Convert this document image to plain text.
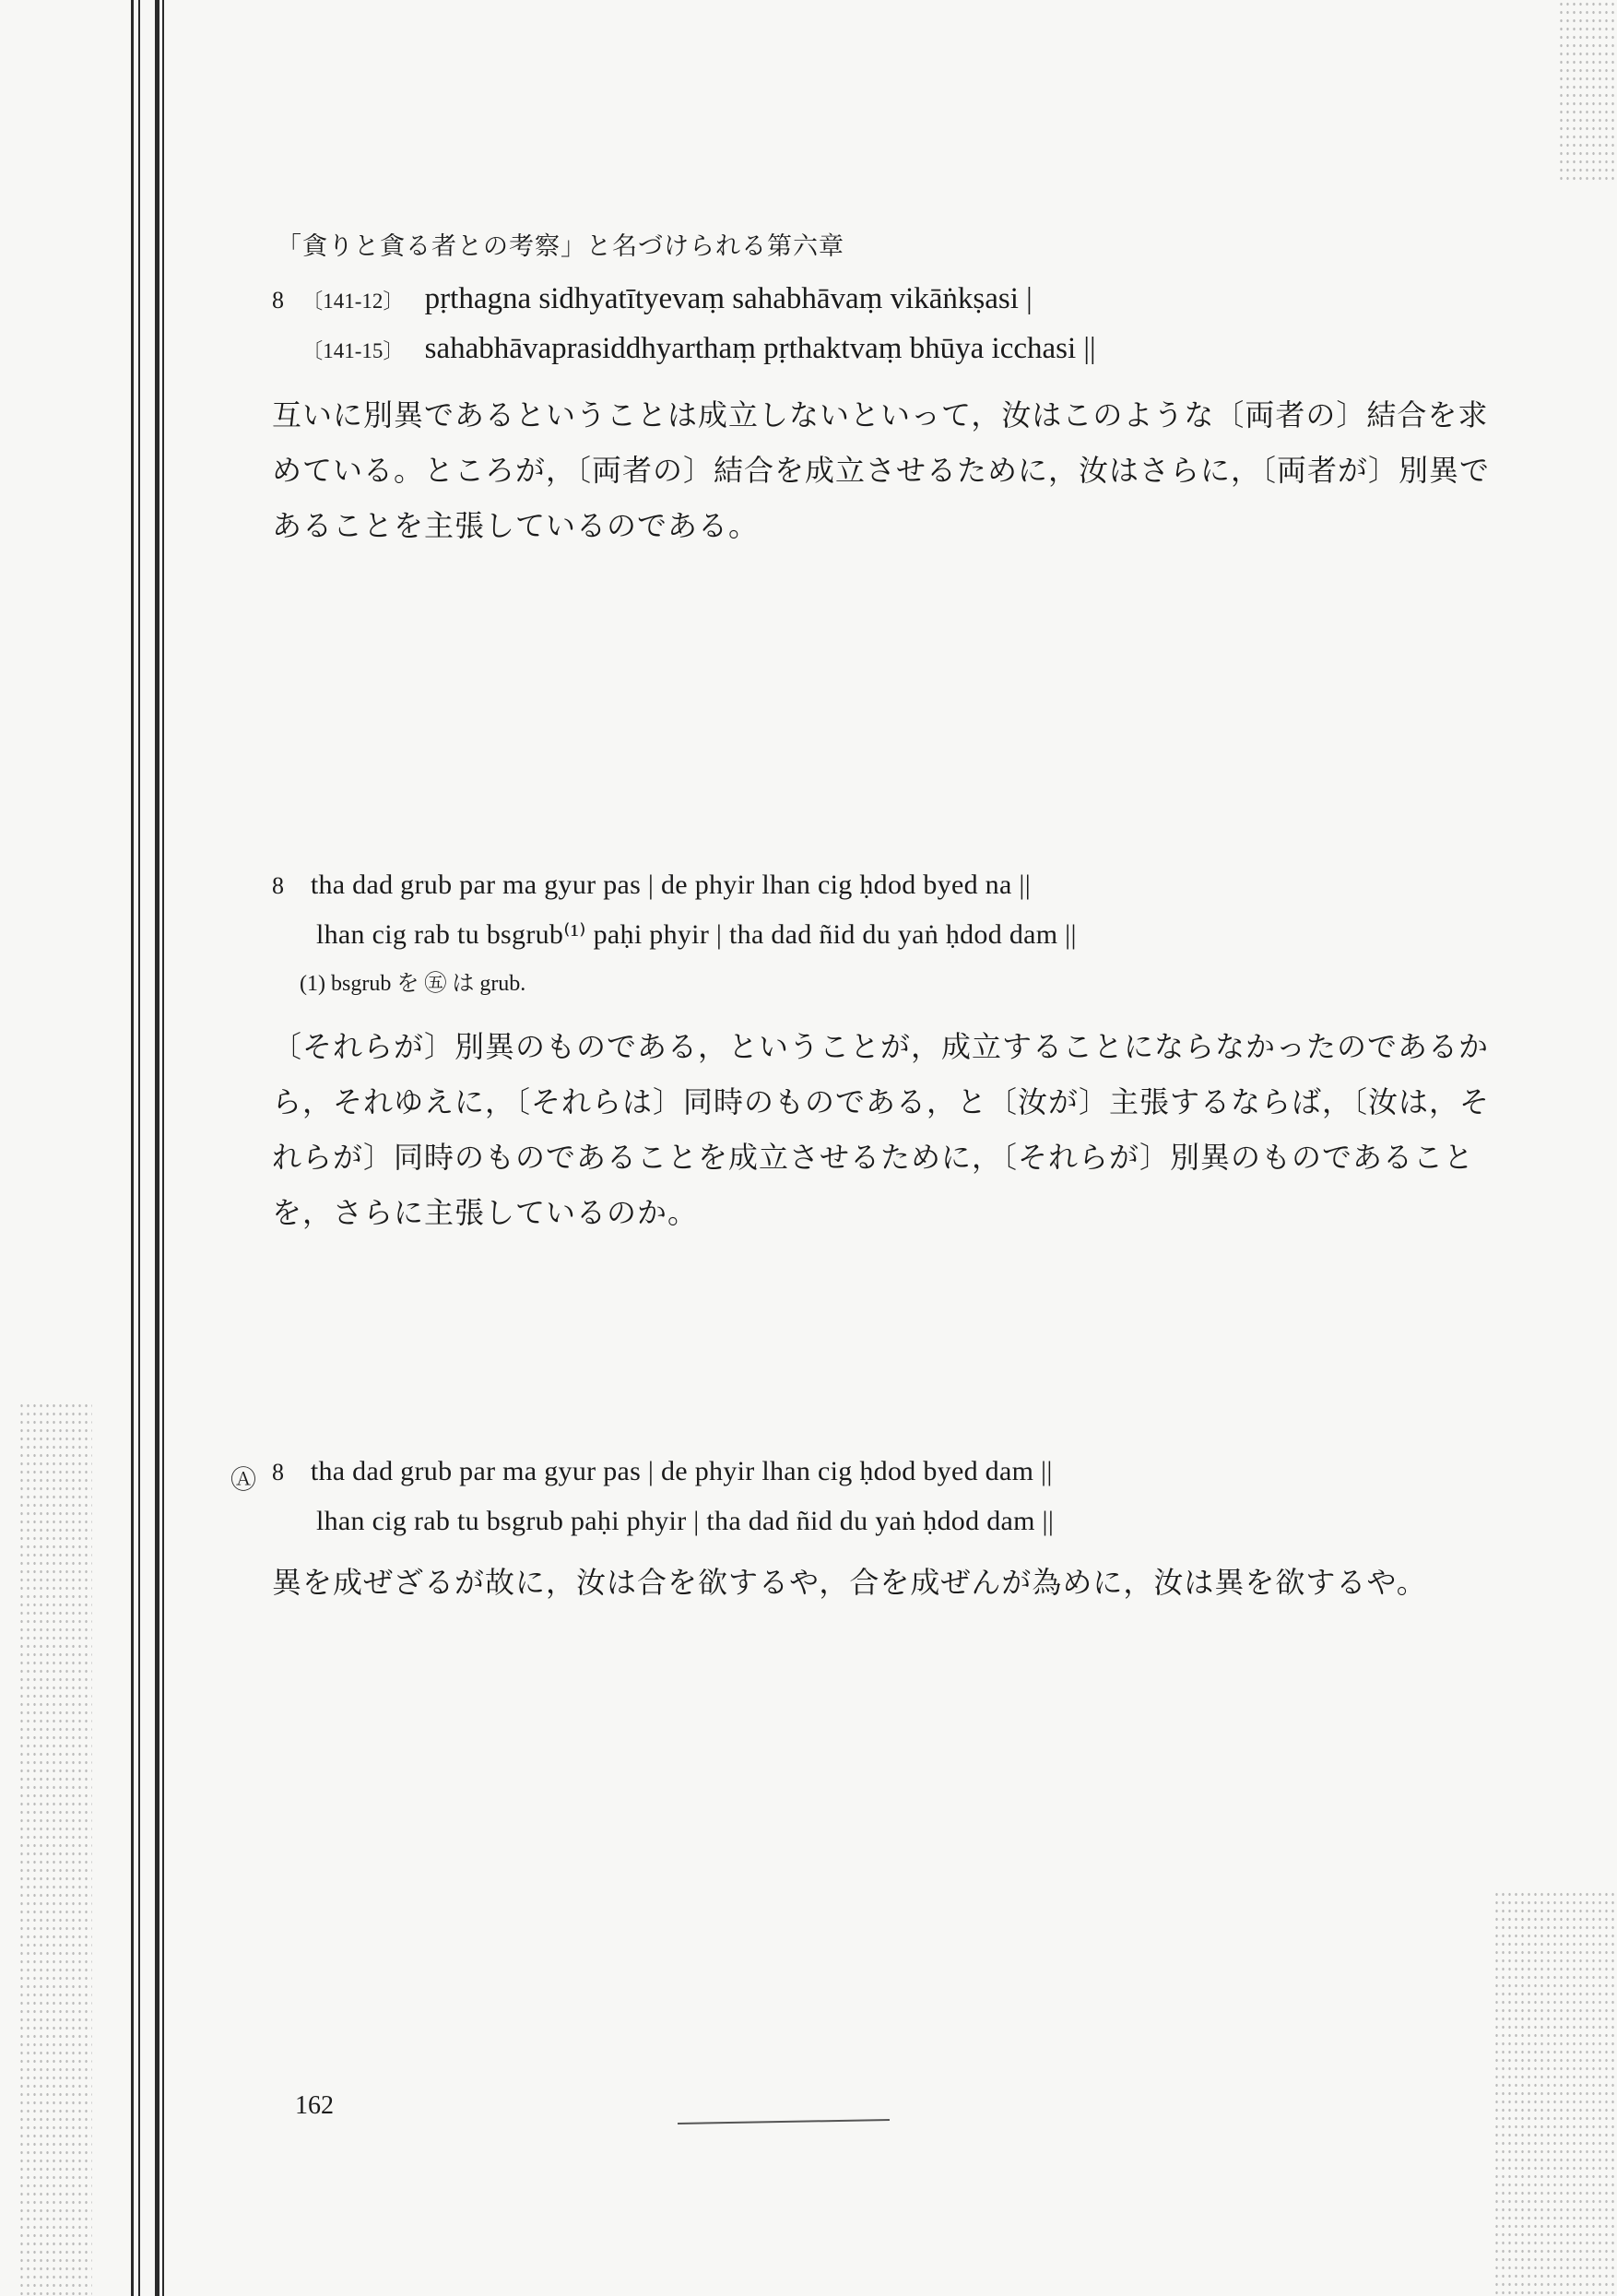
「貪りと貪る者との考察」と名づけられる第六章
8 〔141-12〕 pṛthagna sidhyatītyevaṃ sahabhāvaṃ vikāṅkṣasi |
〔141-15〕 sahabhāvaprasiddhyarthaṃ pṛthaktvaṃ bhūya icchasi ||
互いに別異であるということは成立しないといって，汝はこのような〔両者の〕結合を求めている。ところが，〔両者の〕結合を成立させるために，汝はさらに，〔両者が〕別異であることを主張しているのである。
8 tha dad grub par ma gyur pas | de phyir lhan cig ḥdod byed na ||
lhan cig rab tu bsgrub⁽¹⁾ paḥi phyir | tha dad ñid du yaṅ ḥdod dam ||
(1) bsgrub を ㊄ は grub.
〔それらが〕別異のものである，ということが，成立することにならなかったのであるから，それゆえに，〔それらは〕同時のものである，と〔汝が〕主張するならば，〔汝は，それらが〕同時のものであることを成立させるために，〔それらが〕別異のものであることを，さらに主張しているのか。
Ⓐ 8 tha dad grub par ma gyur pas | de phyir lhan cig ḥdod byed dam ||
lhan cig rab tu bsgrub paḥi phyir | tha dad ñid du yaṅ ḥdod dam ||
異を成ぜざるが故に，汝は合を欲するや，合を成ぜんが為めに，汝は異を欲するや。
162
